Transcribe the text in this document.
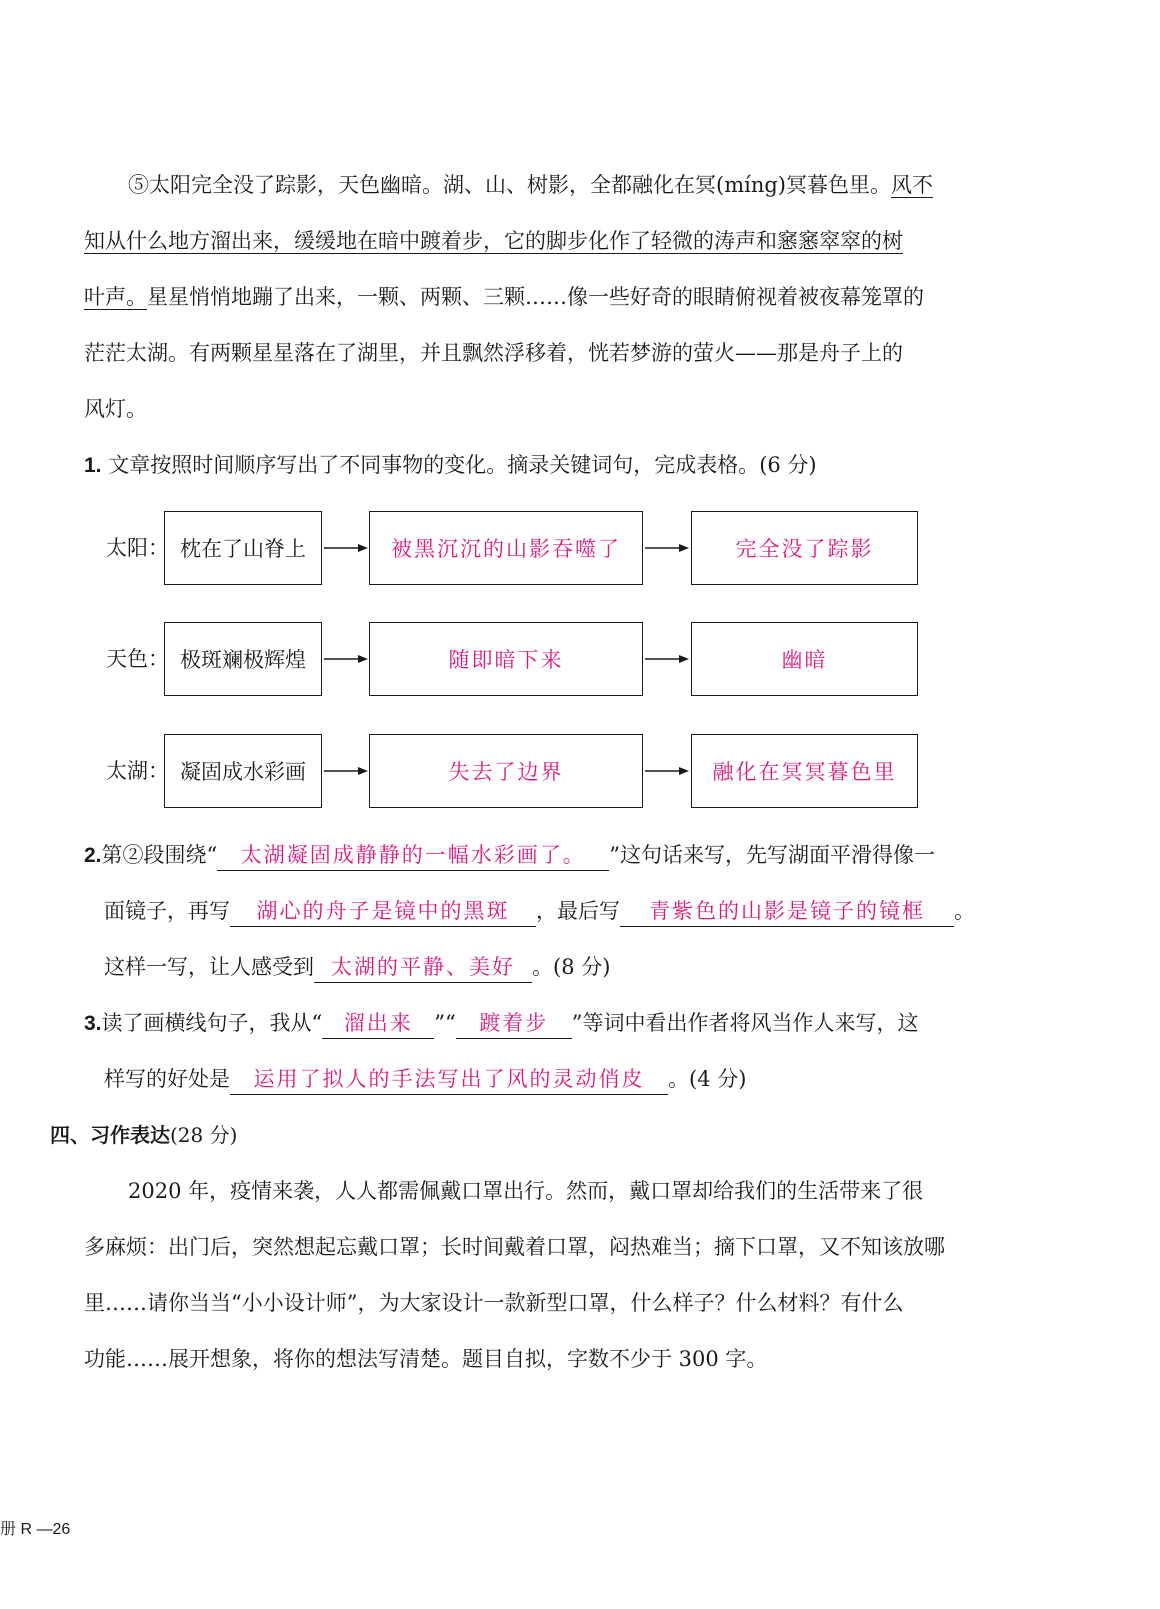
⑤太阳完全没了踪影，天色幽暗。湖、山、树影，全都融化在冥(míng)冥暮色里。风不
知从什么地方溜出来，缓缓地在暗中踱着步，它的脚步化作了轻微的涛声和窸窸窣窣的树
叶声。星星悄悄地蹦了出来，一颗、两颗、三颗……像一些好奇的眼睛俯视着被夜幕笼罩的
茫茫太湖。有两颗星星落在了湖里，并且飘然浮移着，恍若梦游的萤火——那是舟子上的
风灯。
1. 文章按照时间顺序写出了不同事物的变化。摘录关键词句，完成表格。(6 分)
太阳： 枕在了山脊上	被黑沉沉的山影吞噬了	完全没了踪影
天色： 极斑斓极辉煌	随即暗下来	幽暗
太湖： 凝固成水彩画	失去了边界	融化在冥冥暮色里
2.第②段围绕“ 太湖凝固成静静的一幅水彩画了。 ”这句话来写，先写湖面平滑得像一
面镜子，再写 湖心的舟子是镜中的黑斑 ，最后写 青紫色的山影是镜子的镜框 。
这样一写，让人感受到 太湖的平静、美好 。(8 分)
3.读了画横线句子，我从“ 溜出来 ”“ 踱着步 ”等词中看出作者将风当作人来写，这
样写的好处是 运用了拟人的手法写出了风的灵动俏皮 。(4 分)
四、习作表达(28 分)
2020 年，疫情来袭，人人都需佩戴口罩出行。然而，戴口罩却给我们的生活带来了很
多麻烦：出门后，突然想起忘戴口罩；长时间戴着口罩，闷热难当；摘下口罩，又不知该放哪
里……请你当当“小小设计师”，为大家设计一款新型口罩，什么样子？什么材料？有什么
功能……展开想象，将你的想法写清楚。题目自拟，字数不少于 300 字。
册 R —26
